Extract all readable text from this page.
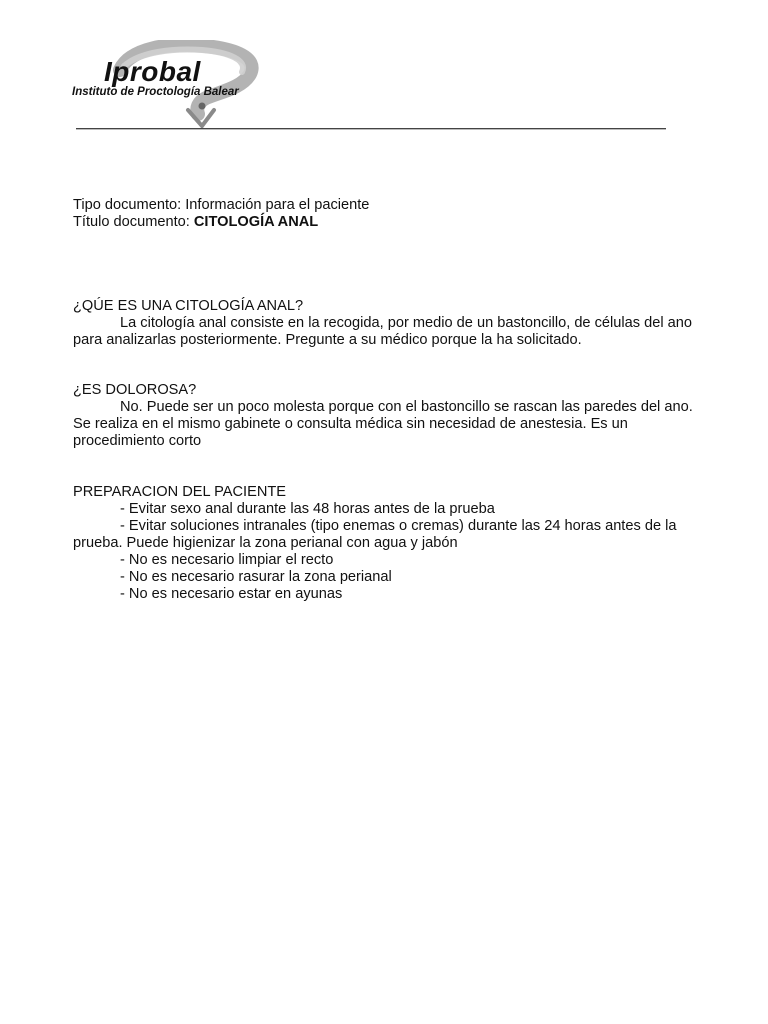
Iprobal
Instituto de Proctología Balear

Tipo documento: Información para el paciente

Título documento: CITOLOGÍA ANAL

¿QÚE ES UNA CITOLOGÍA ANAL?

La citología anal consiste en la recogida, por medio de un bastoncillo, de células del ano para analizarlas posteriormente. Pregunte a su médico porque la ha solicitado.

¿ES DOLOROSA?

No. Puede ser un poco molesta porque con el bastoncillo se rascan las paredes del ano. Se realiza en el mismo gabinete o consulta médica sin necesidad de anestesia. Es un procedimiento corto

PREPARACION DEL PACIENTE
- Evitar sexo anal durante las 48 horas antes de la prueba
- Evitar soluciones intranales (tipo enemas o cremas) durante las 24 horas antes de la prueba. Puede higienizar la zona perianal con agua y jabón
- No es necesario limpiar el recto
- No es necesario rasurar la zona perianal
- No es necesario estar en ayunas
